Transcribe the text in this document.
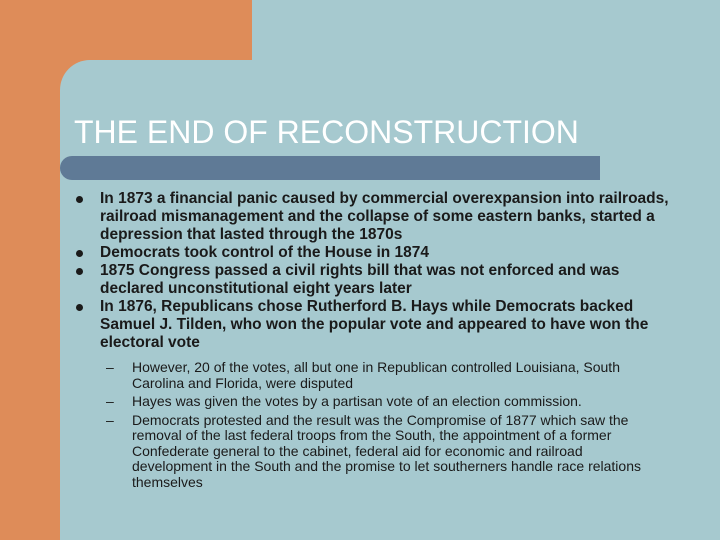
THE END OF RECONSTRUCTION
In 1873 a financial panic caused by commercial overexpansion into railroads, railroad mismanagement and the collapse of some eastern banks, started a depression that lasted through the 1870s
Democrats took control of the House in 1874
1875 Congress passed a civil rights bill that was not enforced and was declared unconstitutional eight years later
In 1876, Republicans chose Rutherford B. Hays while Democrats backed Samuel J. Tilden, who won the popular vote and appeared to have won the electoral vote
– However, 20 of the votes, all but one in Republican controlled Louisiana, South Carolina and Florida, were disputed
– Hayes was given the votes by a partisan vote of an election commission.
– Democrats protested and the result was the Compromise of 1877 which saw the removal of the last federal troops from the South, the appointment of a former Confederate general to the cabinet, federal aid for economic and railroad development in the South and the promise to let southerners handle race relations themselves
